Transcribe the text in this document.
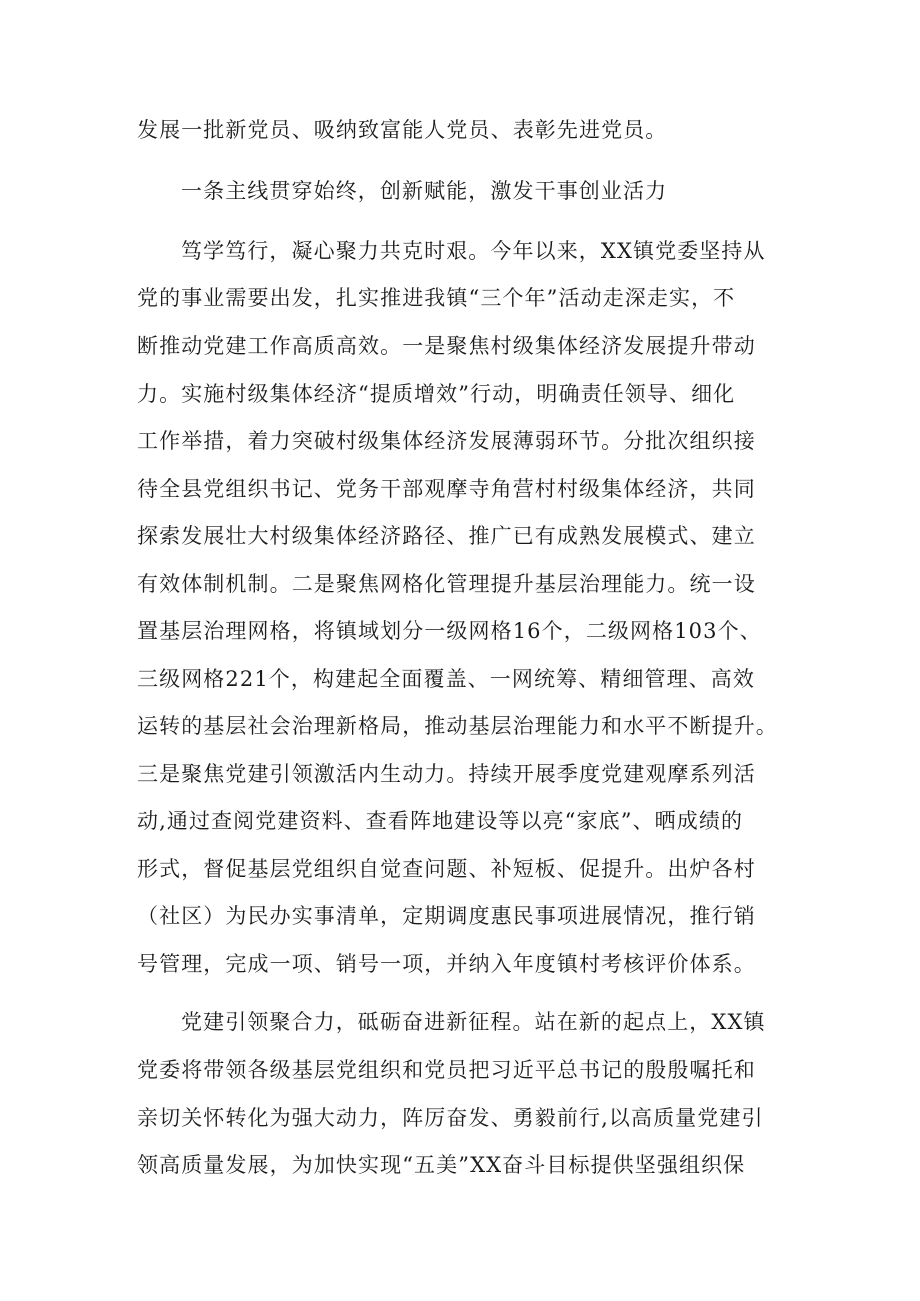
发展一批新党员、吸纳致富能人党员、表彰先进党员。
一条主线贯穿始终，创新赋能，激发干事创业活力
笃学笃行，凝心聚力共克时艰。今年以来，XX镇党委坚持从
党的事业需要出发，扎实推进我镇“三个年”活动走深走实，不
断推动党建工作高质高效。一是聚焦村级集体经济发展提升带动
力。实施村级集体经济“提质增效”行动，明确责任领导、细化
工作举措，着力突破村级集体经济发展薄弱环节。分批次组织接
待全县党组织书记、党务干部观摩寺角营村村级集体经济，共同
探索发展壮大村级集体经济路径、推广已有成熟发展模式、建立
有效体制机制。二是聚焦网格化管理提升基层治理能力。统一设
置基层治理网格，将镇域划分一级网格16个，二级网格103个、
三级网格221个，构建起全面覆盖、一网统筹、精细管理、高效
运转的基层社会治理新格局，推动基层治理能力和水平不断提升。
三是聚焦党建引领激活内生动力。持续开展季度党建观摩系列活
动,通过查阅党建资料、查看阵地建设等以亮“家底”、晒成绩的
形式，督促基层党组织自觉查问题、补短板、促提升。出炉各村
（社区）为民办实事清单，定期调度惠民事项进展情况，推行销
号管理，完成一项、销号一项，并纳入年度镇村考核评价体系。
党建引领聚合力，砥砺奋进新征程。站在新的起点上，XX镇
党委将带领各级基层党组织和党员把习近平总书记的殷殷嘱托和
亲切关怀转化为强大动力，阵厉奋发、勇毅前行,以高质量党建引
领高质量发展，为加快实现“五美”XX奋斗目标提供坚强组织保
